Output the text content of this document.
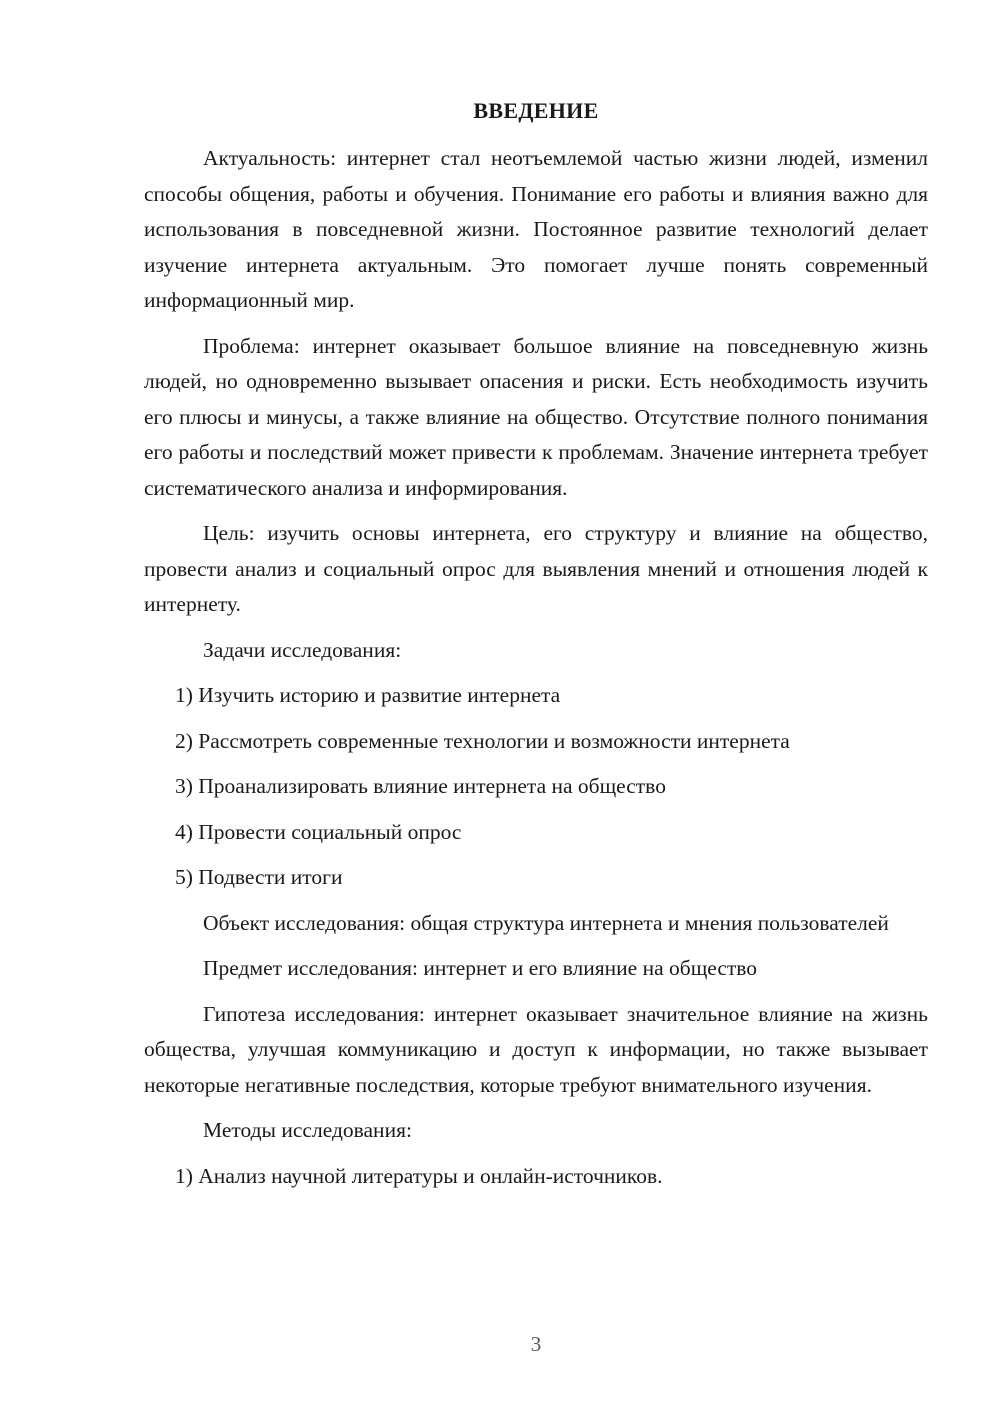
ВВЕДЕНИЕ

Актуальность: интернет стал неотъемлемой частью жизни людей, изменил способы общения, работы и обучения. Понимание его работы и влияния важно для использования в повседневной жизни. Постоянное развитие технологий делает изучение интернета актуальным. Это помогает лучше понять современный информационный мир.

Проблема: интернет оказывает большое влияние на повседневную жизнь людей, но одновременно вызывает опасения и риски. Есть необходимость изучить его плюсы и минусы, а также влияние на общество. Отсутствие полного понимания его работы и последствий может привести к проблемам. Значение интернета требует систематического анализа и информирования.

Цель: изучить основы интернета, его структуру и влияние на общество, провести анализ и социальный опрос для выявления мнений и отношения людей к интернету.

Задачи исследования:

1) Изучить историю и развитие интернета
2) Рассмотреть современные технологии и возможности интернета
3) Проанализировать влияние интернета на общество
4) Провести социальный опрос
5) Подвести итоги

Объект исследования: общая структура интернета и мнения пользователей

Предмет исследования: интернет и его влияние на общество

Гипотеза исследования: интернет оказывает значительное влияние на жизнь общества, улучшая коммуникацию и доступ к информации, но также вызывает некоторые негативные последствия, которые требуют внимательного изучения.

Методы исследования:

1) Анализ научной литературы и онлайн-источников.
3
